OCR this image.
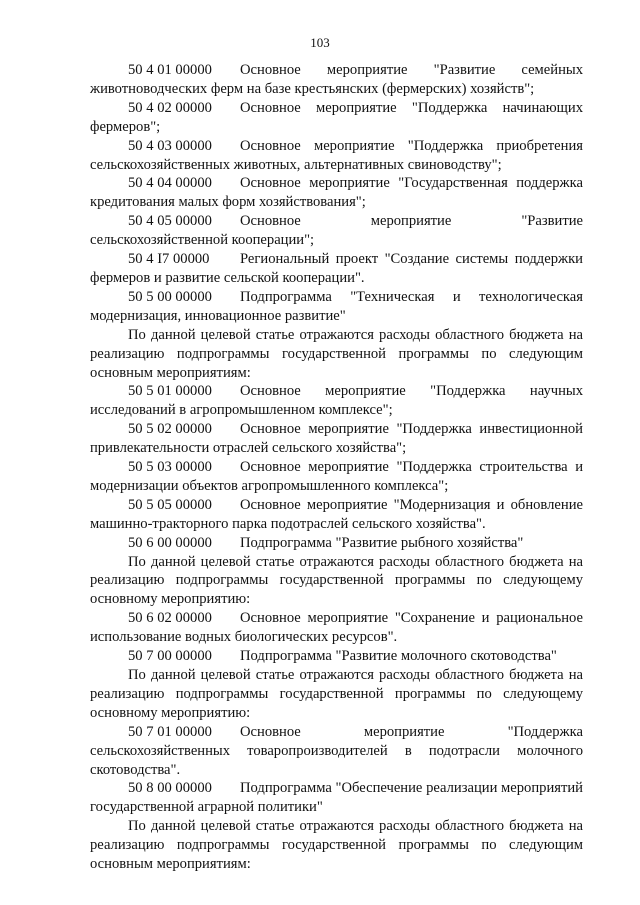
103

50 4 01 00000 Основное мероприятие "Развитие семейных животноводческих ферм на базе крестьянских (фермерских) хозяйств";

50 4 02 00000 Основное мероприятие "Поддержка начинающих фермеров";

50 4 03 00000 Основное мероприятие "Поддержка приобретения сельскохозяйственных животных, альтернативных свиноводству";

50 4 04 00000 Основное мероприятие "Государственная поддержка кредитования малых форм хозяйствования";

50 4 05 00000 Основное мероприятие "Развитие сельскохозяйственной кооперации";

50 4 I7 00000 Региональный проект "Создание системы поддержки фермеров и развитие сельской кооперации".

50 5 00 00000 Подпрограмма "Техническая и технологическая модернизация, инновационное развитие"

По данной целевой статье отражаются расходы областного бюджета на реализацию подпрограммы государственной программы по следующим основным мероприятиям:

50 5 01 00000 Основное мероприятие "Поддержка научных исследований в агропромышленном комплексе";

50 5 02 00000 Основное мероприятие "Поддержка инвестиционной привлекательности отраслей сельского хозяйства";

50 5 03 00000 Основное мероприятие "Поддержка строительства и модернизации объектов агропромышленного комплекса";

50 5 05 00000 Основное мероприятие "Модернизация и обновление машинно-тракторного парка подотраслей сельского хозяйства".

50 6 00 00000 Подпрограмма "Развитие рыбного хозяйства"

По данной целевой статье отражаются расходы областного бюджета на реализацию подпрограммы государственной программы по следующему основному мероприятию:

50 6 02 00000 Основное мероприятие "Сохранение и рациональное использование водных биологических ресурсов".

50 7 00 00000 Подпрограмма "Развитие молочного скотоводства"

По данной целевой статье отражаются расходы областного бюджета на реализацию подпрограммы государственной программы по следующему основному мероприятию:

50 7 01 00000 Основное мероприятие "Поддержка сельскохозяйственных товаропроизводителей в подотрасли молочного скотоводства".

50 8 00 00000 Подпрограмма "Обеспечение реализации мероприятий государственной аграрной политики"

По данной целевой статье отражаются расходы областного бюджета на реализацию подпрограммы государственной программы по следующим основным мероприятиям:
